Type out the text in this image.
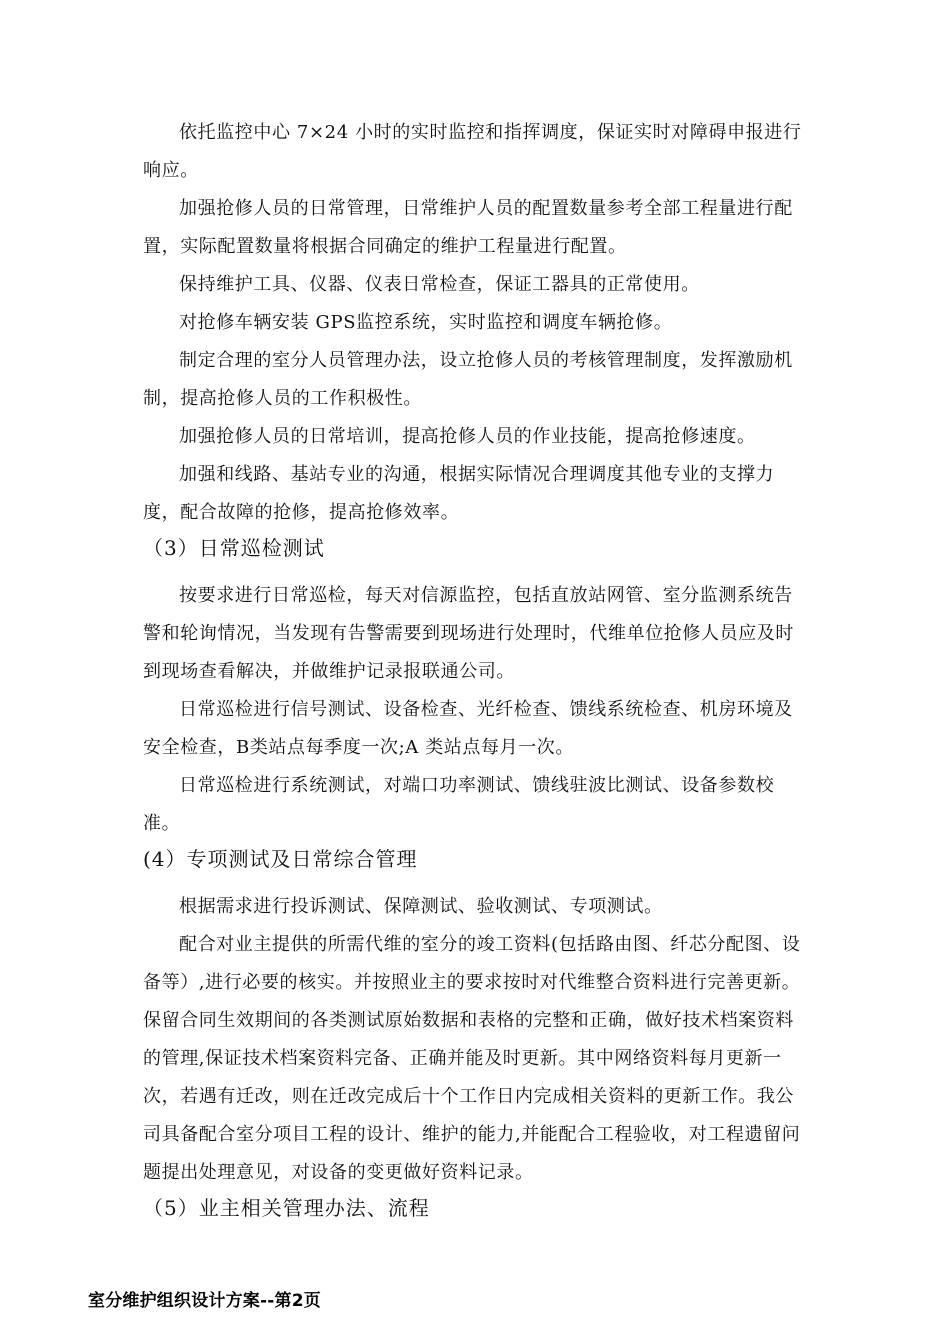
依托监控中心 7×24 小时的实时监控和指挥调度，保证实时对障碍申报进行响应。

加强抢修人员的日常管理，日常维护人员的配置数量参考全部工程量进行配置，实际配置数量将根据合同确定的维护工程量进行配置。

保持维护工具、仪器、仪表日常检查，保证工器具的正常使用。

对抢修车辆安装 GPS监控系统，实时监控和调度车辆抢修。

制定合理的室分人员管理办法，设立抢修人员的考核管理制度，发挥激励机制，提高抢修人员的工作积极性。

加强抢修人员的日常培训，提高抢修人员的作业技能，提高抢修速度。

加强和线路、基站专业的沟通，根据实际情况合理调度其他专业的支撑力度，配合故障的抢修，提高抢修效率。

（3）日常巡检测试

按要求进行日常巡检，每天对信源监控，包括直放站网管、室分监测系统告警和轮询情况，当发现有告警需要到现场进行处理时，代维单位抢修人员应及时到现场查看解决，并做维护记录报联通公司。

日常巡检进行信号测试、设备检查、光纤检查、馈线系统检查、机房环境及安全检查，B类站点每季度一次;A 类站点每月一次。

日常巡检进行系统测试，对端口功率测试、馈线驻波比测试、设备参数校准。

(4）专项测试及日常综合管理

根据需求进行投诉测试、保障测试、验收测试、专项测试。

配合对业主提供的所需代维的室分的竣工资料(包括路由图、纤芯分配图、设备等）,进行必要的核实。并按照业主的要求按时对代维整合资料进行完善更新。保留合同生效期间的各类测试原始数据和表格的完整和正确，做好技术档案资料的管理,保证技术档案资料完备、正确并能及时更新。其中网络资料每月更新一次，若遇有迁改，则在迁改完成后十个工作日内完成相关资料的更新工作。我公司具备配合室分项目工程的设计、维护的能力,并能配合工程验收，对工程遗留问题提出处理意见，对设备的变更做好资料记录。

（5）业主相关管理办法、流程

室分维护组织设计方案--第2页
